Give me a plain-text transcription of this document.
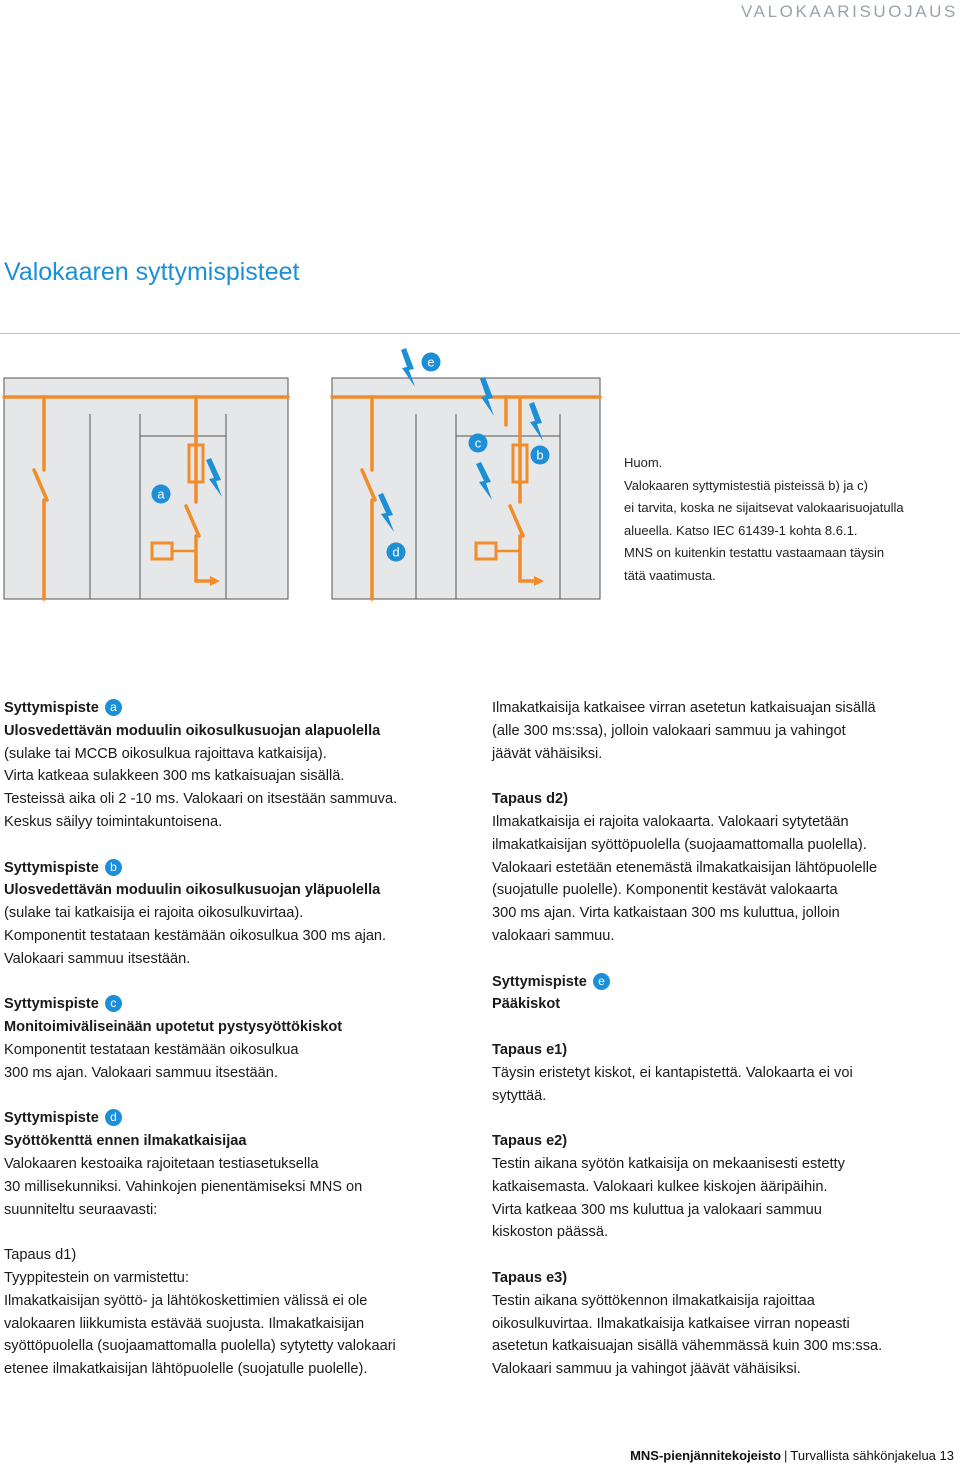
VALOKAARISUOJAUS
Valokaaren syttymispisteet
a
b
c
d
e
Huom.
Valokaaren syttymistestiä pisteissä b) ja c)
ei tarvita, koska ne sijaitsevat valokaarisuojatulla
alueella. Katso IEC 61439-1 kohta 8.6.1.
MNS on kuitenkin testattu vastaamaan täysin
tätä vaatimusta.
Syttymispiste a
Ulosvedettävän moduulin oikosulkusuojan alapuolella
(sulake tai MCCB oikosulkua rajoittava katkaisija).
Virta katkeaa sulakkeen 300 ms katkaisuajan sisällä.
Testeissä aika oli 2 -10 ms. Valokaari on itsestään sammuva.
Keskus säilyy toimintakuntoisena.
Syttymispiste b
Ulosvedettävän moduulin oikosulkusuojan yläpuolella
(sulake tai katkaisija ei rajoita oikosulkuvirtaa).
Komponentit testataan kestämään oikosulkua 300 ms ajan.
Valokaari sammuu itsestään.
Syttymispiste c
Monitoimiväliseinään upotetut pystysyöttökiskot
Komponentit testataan kestämään oikosulkua
300 ms ajan. Valokaari sammuu itsestään.
Syttymispiste d
Syöttökenttä ennen ilmakatkaisijaa
Valokaaren kestoaika rajoitetaan testiasetuksella
30 millisekunniksi. Vahinkojen pienentämiseksi MNS on
suunniteltu seuraavasti:
Tapaus d1)
Tyyppitestein on varmistettu:
Ilmakatkaisijan syöttö- ja lähtökoskettimien välissä ei ole
valokaaren liikkumista estävää suojusta. Ilmakatkaisijan
syöttöpuolella (suojaamattomalla puolella) sytytetty valokaari
etenee ilmakatkaisijan lähtöpuolelle (suojatulle puolelle).
Ilmakatkaisija katkaisee virran asetetun katkaisuajan sisällä
(alle 300 ms:ssa), jolloin valokaari sammuu ja vahingot
jäävät vähäisiksi.
Tapaus d2)
Ilmakatkaisija ei rajoita valokaarta. Valokaari sytytetään
ilmakatkaisijan syöttöpuolella (suojaamattomalla puolella).
Valokaari estetään etenemästä ilmakatkaisijan lähtöpuolelle
(suojatulle puolelle). Komponentit kestävät valokaarta
300 ms ajan. Virta katkaistaan 300 ms kuluttua, jolloin
valokaari sammuu.
Syttymispiste e
Pääkiskot
Tapaus e1)
Täysin eristetyt kiskot, ei kantapistettä. Valokaarta ei voi
sytyttää.
Tapaus e2)
Testin aikana syötön katkaisija on mekaanisesti estetty
katkaisemasta. Valokaari kulkee kiskojen ääripäihin.
Virta katkeaa 300 ms kuluttua ja valokaari sammuu
kiskoston päässä.
Tapaus e3)
Testin aikana syöttökennon ilmakatkaisija rajoittaa
oikosulkuvirtaa. Ilmakatkaisija katkaisee virran nopeasti
asetetun katkaisuajan sisällä vähemmässä kuin 300 ms:ssa.
Valokaari sammuu ja vahingot jäävät vähäisiksi.
MNS-pienjännitekojeisto | Turvallista sähkönjakelua 13
